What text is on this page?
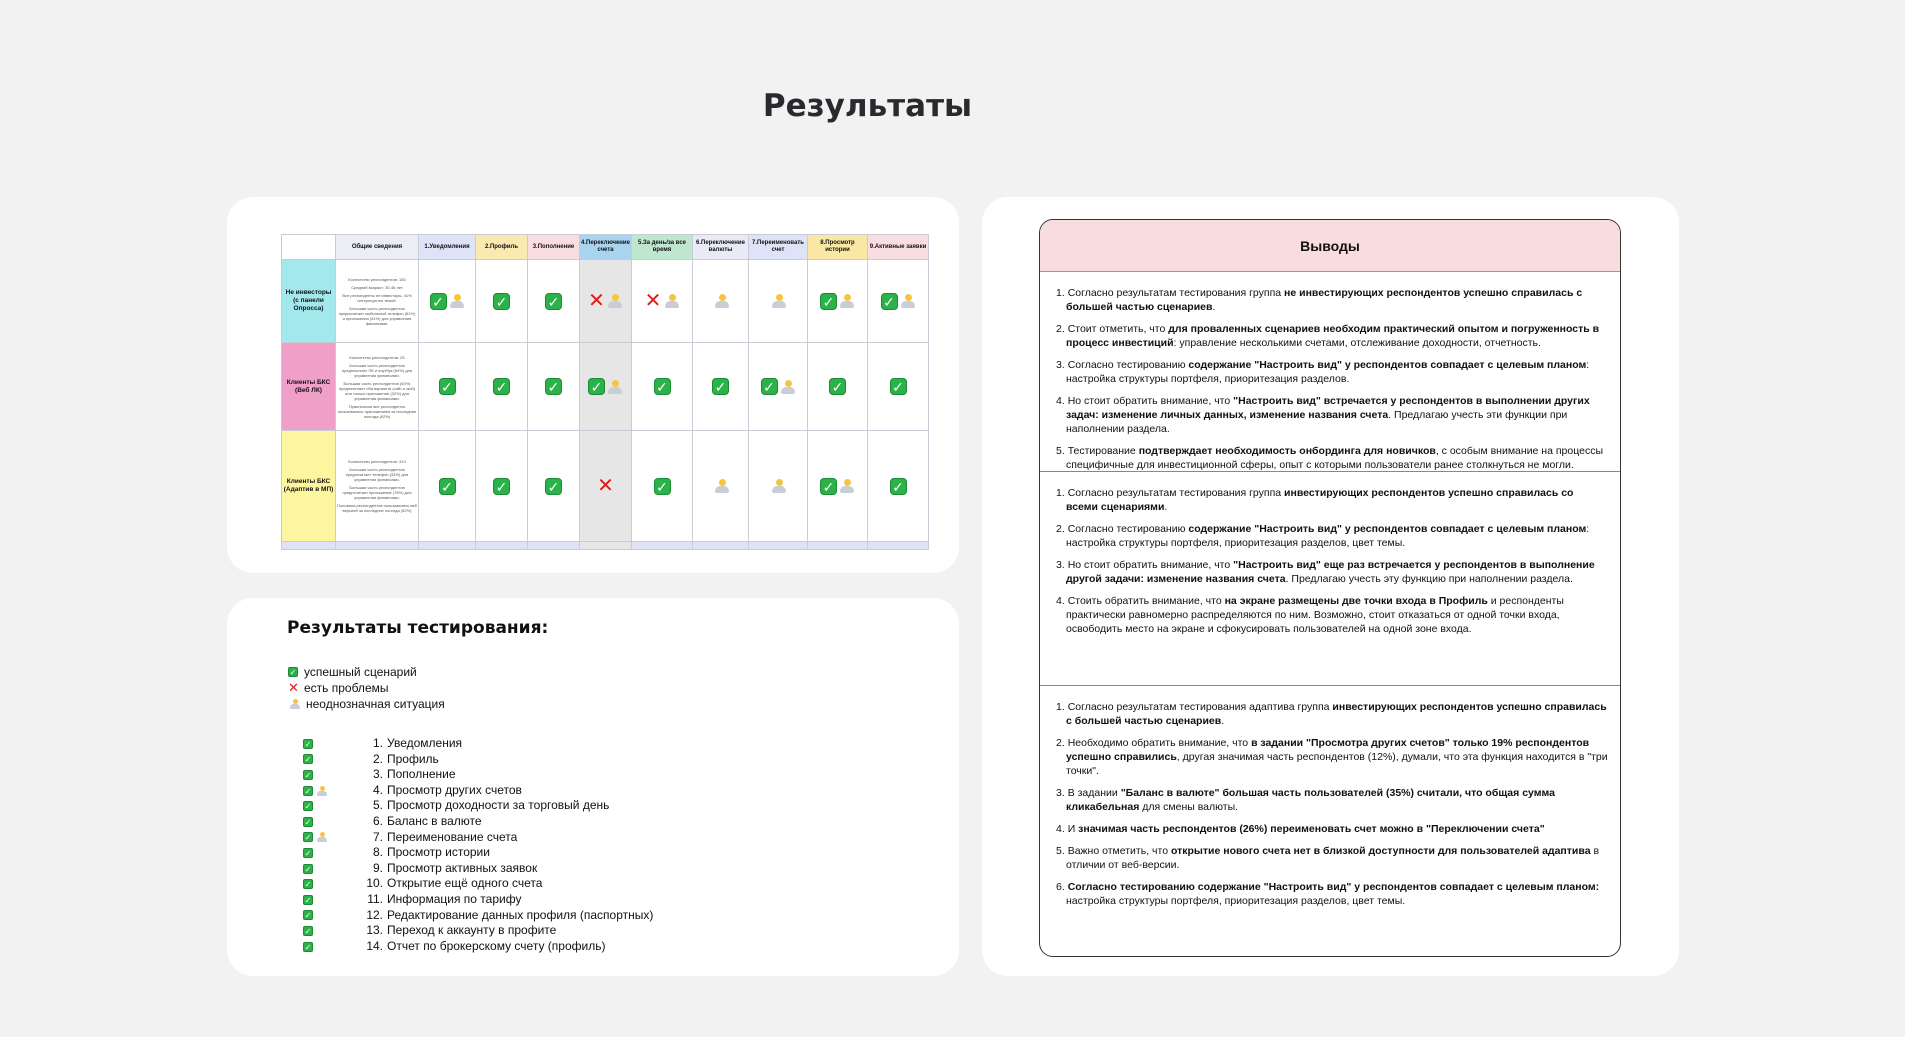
Результаты
	Общие сведения	1.Уведомления	2.Профиль	3.Пополнение	4.Переключение счета	5.За день/за все время	6.Переключение валюты	7.Переименовать счет	8.Просмотр истории	9.Активные заявки
Не инвесторы (с панели Опросса)	Количество респондентов: 150

Средний возраст: 30-45 лет

Все респонденты не инвесторы, 41% интересуются темой.

Большая часть респондентов предпочитает мобильный телефон (51%) и приложения (41%) для управления финансами.	✓	✓	✓	✕	✕			✓	✓
Клиенты БКС (Веб ЛК)	Количество респондентов: 25

Большая часть респондентов предпочитает ПК и ноутбук (64%) для управления финансами.

Большая часть респондентов (40%) предпочитают оба варианта (сайт и моб) или только приложение (32%) для управления финансами.

Практически все респонденты пользовались приложением за последние полгода (92%)	✓	✓	✓	✓	✓	✓	✓	✓	✓
Клиенты БКС (Адаптив в МП)	Количество респондентов: 310

Большая часть респондентов предпочитает телефон (33%) для управления финансами.

Большая часть респондентов предпочитает приложение (76%) для управления финансами.

Половина респондентов пользовались веб версией за последние полгода (52%)	✓	✓	✓	✕	✓			✓	✓

Результаты тестирования:
✓ успешный сценарий
✕ есть проблемы
неоднозначная ситуация
✓	1. Уведомления
✓	2. Профиль
✓	3. Пополнение
✓	4. Просмотр других счетов
✓	5. Просмотр доходности за торговый день
✓	6. Баланс в валюте
✓	7. Переименование счета
✓	8. Просмотр истории
✓	9. Просмотр активных заявок
✓	10. Открытие ещё одного счета
✓	11. Информация по тарифу
✓	12. Редактирование данных профиля (паспортных)
✓	13. Переход к аккаунту в профите
✓	14. Отчет по брокерскому счету (профиль)
Выводы
1. Согласно результатам тестирования группа не инвестирующих респондентов успешно справилась с большей частью сценариев.
2. Стоит отметить, что для проваленных сценариев необходим практический опытом и погруженность в процесс инвестиций: управление несколькими счетами, отслеживание доходности, отчетность.
3. Согласно тестированию содержание "Настроить вид" у респондентов совпадает с целевым планом: настройка структуры портфеля, приоритезация разделов.
4. Но стоит обратить внимание, что "Настроить вид" встречается у респондентов в выполнении других задач: изменение личных данных, изменение названия счета. Предлагаю учесть эти функции при наполнении раздела.
5. Тестирование подтверждает необходимость онбординга для новичков, с особым внимание на процессы специфичные для инвестиционной сферы, опыт с которыми пользователи ранее столкнуться не могли.
1. Согласно результатам тестирования группа инвестирующих респондентов успешно справилась со всеми сценариями.
2. Согласно тестированию содержание "Настроить вид" у респондентов совпадает с целевым планом: настройка структуры портфеля, приоритезация разделов, цвет темы.
3. Но стоит обратить внимание, что "Настроить вид" еще раз встречается у респондентов в выполнение другой задачи: изменение названия счета. Предлагаю учесть эту функцию при наполнении раздела.
4. Стоить обратить внимание, что на экране размещены две точки входа в Профиль и респонденты практически равномерно распределяются по ним. Возможно, стоит отказаться от одной точки входа, освободить место на экране и сфокусировать пользователей на одной зоне входа.
1. Согласно результатам тестирования адаптива группа инвестирующих респондентов успешно справилась с большей частью сценариев.
2. Необходимо обратить внимание, что в задании "Просмотра других счетов" только 19% респондентов успешно справились, другая значимая часть респондентов (12%), думали, что эта функция находится в "три точки".
3. В задании "Баланс в валюте" большая часть пользователей (35%) считали, что общая сумма кликабельная для смены валюты.
4. И значимая часть респондентов (26%) переименовать счет можно в "Переключении счета"
5. Важно отметить, что открытие нового счета нет в близкой доступности для пользователей адаптива в отличии от веб-версии.
6. Согласно тестированию содержание "Настроить вид" у респондентов совпадает с целевым планом: настройка структуры портфеля, приоритезация разделов, цвет темы.
